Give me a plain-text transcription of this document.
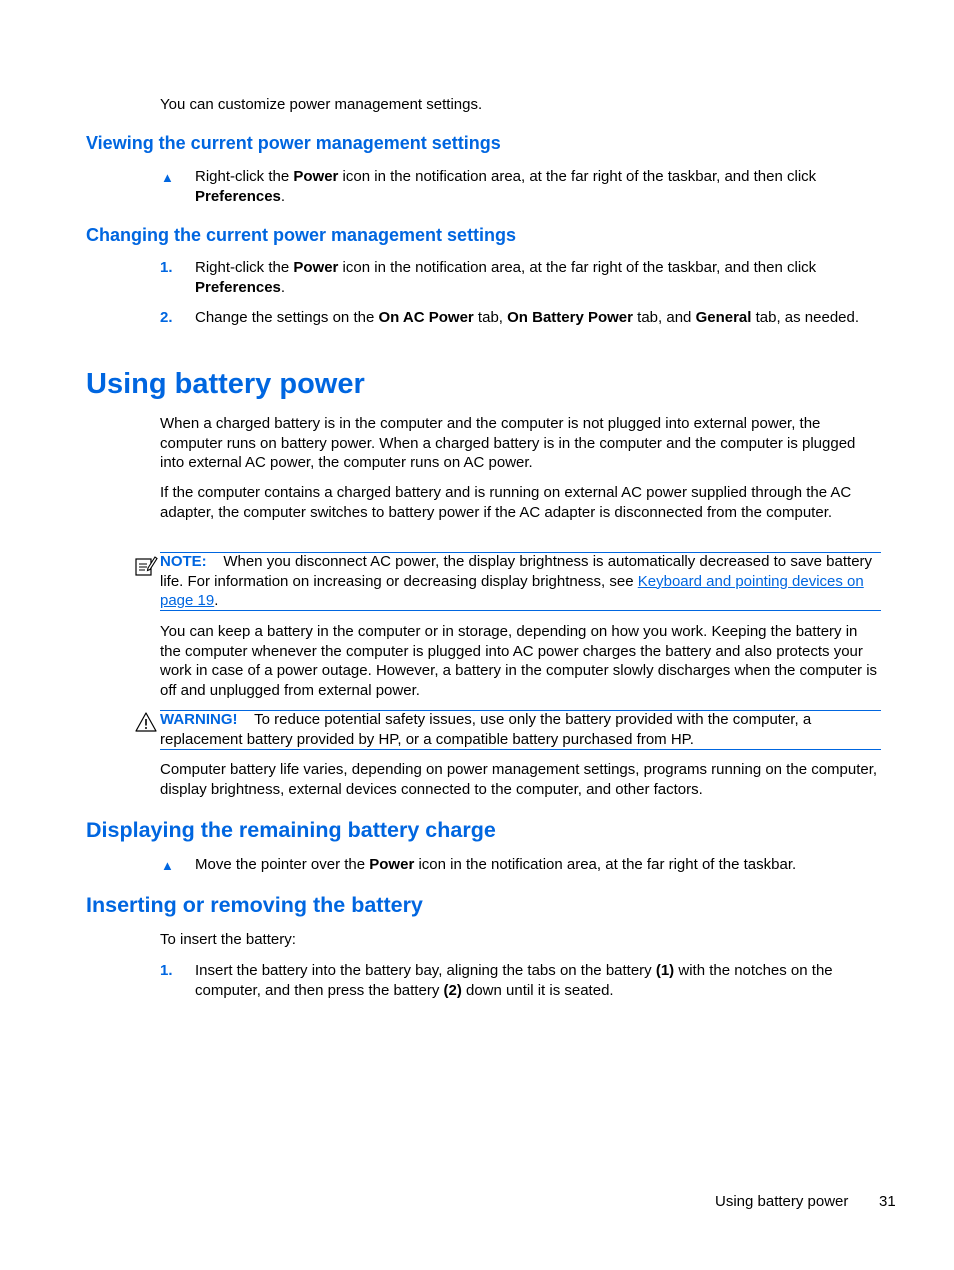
You can customize power management settings.
Viewing the current power management settings
▲ Right-click the Power icon in the notification area, at the far right of the taskbar, and then click Preferences.
Changing the current power management settings
1. Right-click the Power icon in the notification area, at the far right of the taskbar, and then click Preferences.
2. Change the settings on the On AC Power tab, On Battery Power tab, and General tab, as needed.
Using battery power
When a charged battery is in the computer and the computer is not plugged into external power, the computer runs on battery power. When a charged battery is in the computer and the computer is plugged into external AC power, the computer runs on AC power.
If the computer contains a charged battery and is running on external AC power supplied through the AC adapter, the computer switches to battery power if the AC adapter is disconnected from the computer.
NOTE: When you disconnect AC power, the display brightness is automatically decreased to save battery life. For information on increasing or decreasing display brightness, see Keyboard and pointing devices on page 19.
You can keep a battery in the computer or in storage, depending on how you work. Keeping the battery in the computer whenever the computer is plugged into AC power charges the battery and also protects your work in case of a power outage. However, a battery in the computer slowly discharges when the computer is off and unplugged from external power.
WARNING! To reduce potential safety issues, use only the battery provided with the computer, a replacement battery provided by HP, or a compatible battery purchased from HP.
Computer battery life varies, depending on power management settings, programs running on the computer, display brightness, external devices connected to the computer, and other factors.
Displaying the remaining battery charge
▲ Move the pointer over the Power icon in the notification area, at the far right of the taskbar.
Inserting or removing the battery
To insert the battery:
1. Insert the battery into the battery bay, aligning the tabs on the battery (1) with the notches on the computer, and then press the battery (2) down until it is seated.
Using battery power 31
